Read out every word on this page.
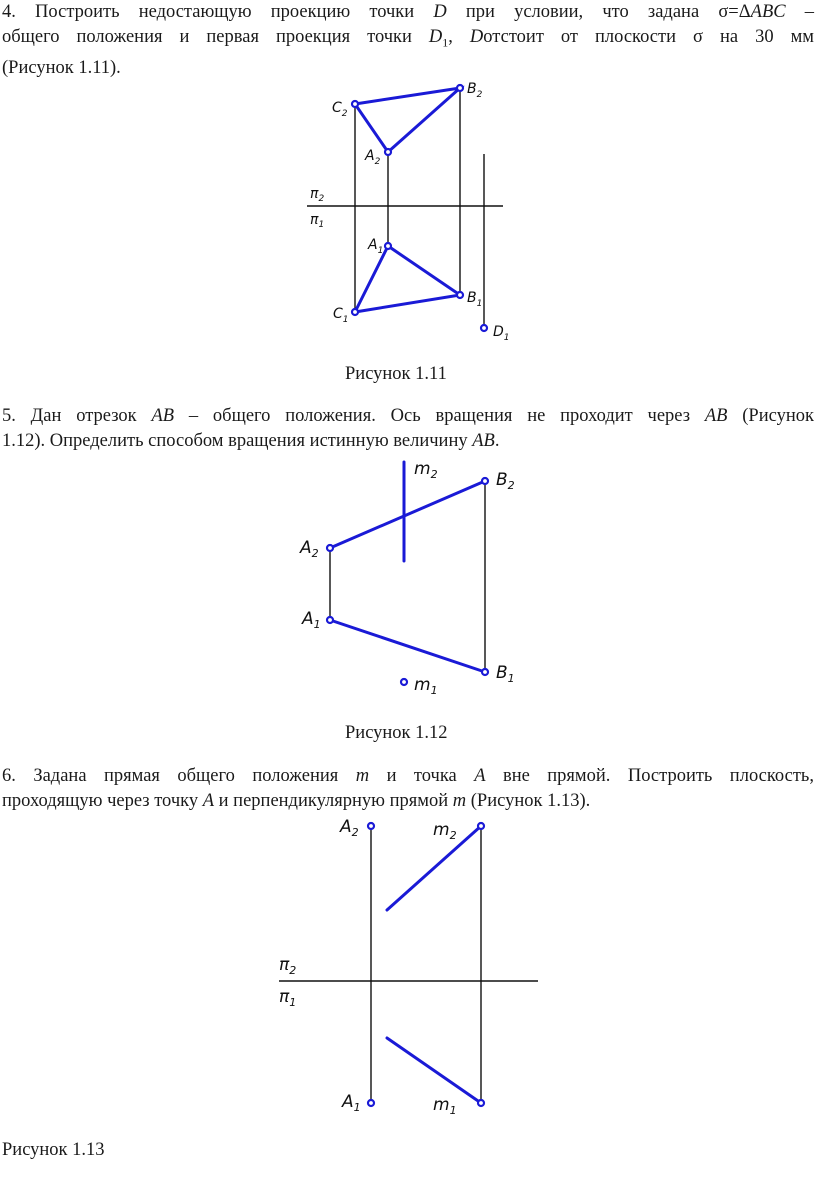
4. Построить недостающую проекцию точки D при условии, что задана σ=ΔABC –
общего положения и первая проекция точки $D_1$, Dотстоит от плоскости σ на 30 мм
(Рисунок 1.11).
$C_2$
$B_2$
$A_2$
$\pi_2$
$\pi_1$
$A_1$
$B_1$
$C_1$
$D_1$
Рисунок 1.11
5. Дан отрезок AB – общего положения. Ось вращения не проходит через AB (Рисунок
1.12). Определить способом вращения истинную величину AB.
$m_2$	$B_2$
$A_2$
$A_1$
$B_1$
$m_1$
Рисунок 1.12
6. Задана прямая общего положения m и точка A вне прямой. Построить плоскость,
проходящую через точку A и перпендикулярную прямой m (Рисунок 1.13).
$A_2$	$m_2$
$\pi_2$
$\pi_1$
$A_1$	$m_1$
Рисунок 1.13
